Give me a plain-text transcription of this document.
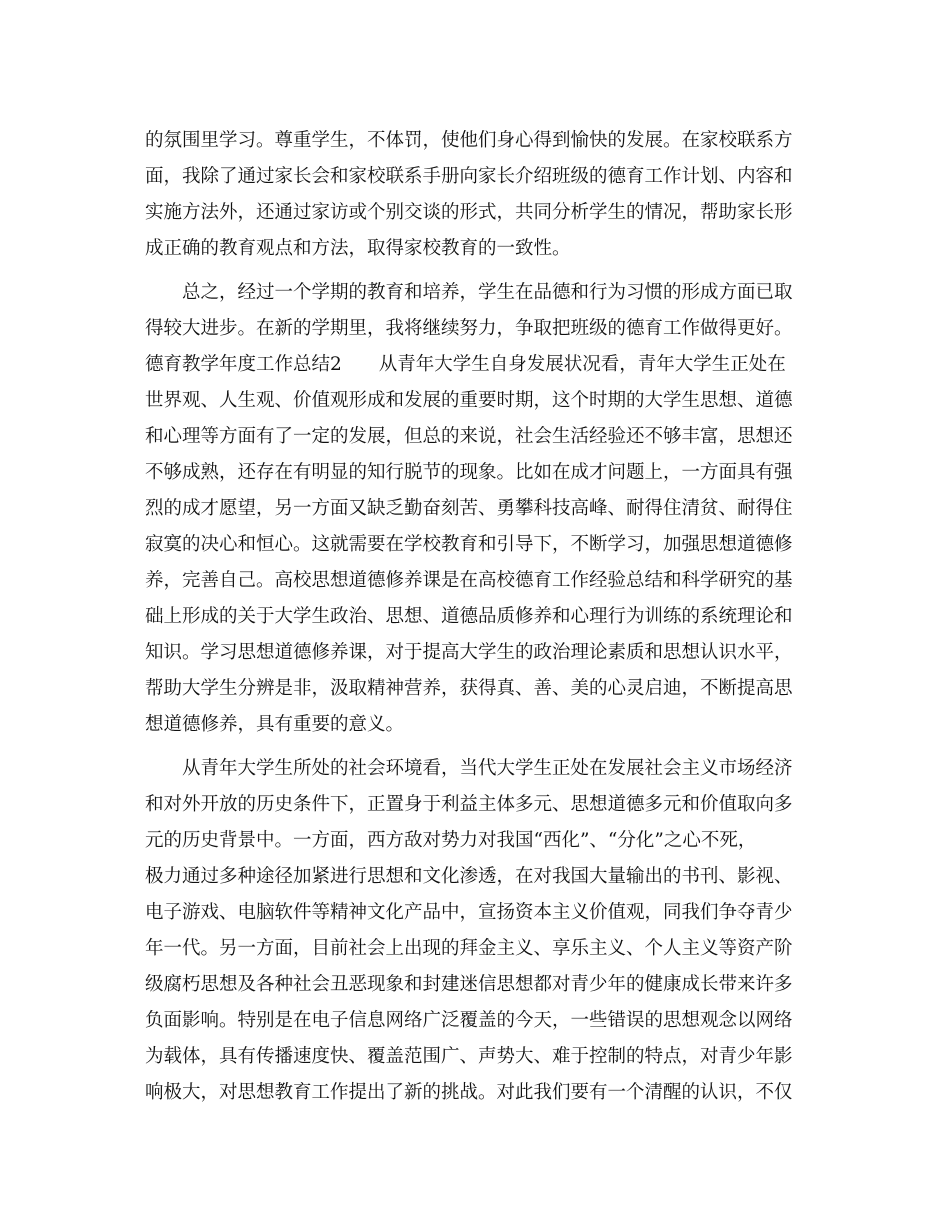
的氛围里学习。尊重学生，不体罚，使他们身心得到愉快的发展。在家校联系方
面，我除了通过家长会和家校联系手册向家长介绍班级的德育工作计划、内容和
实施方法外，还通过家访或个别交谈的形式，共同分析学生的情况，帮助家长形
成正确的教育观点和方法，取得家校教育的一致性。
总之，经过一个学期的教育和培养，学生在品德和行为习惯的形成方面已取
得较大进步。在新的学期里，我将继续努力，争取把班级的德育工作做得更好。
德育教学年度工作总结2　　从青年大学生自身发展状况看，青年大学生正处在
世界观、人生观、价值观形成和发展的重要时期，这个时期的大学生思想、道德
和心理等方面有了一定的发展，但总的来说，社会生活经验还不够丰富，思想还
不够成熟，还存在有明显的知行脱节的现象。比如在成才问题上，一方面具有强
烈的成才愿望，另一方面又缺乏勤奋刻苦、勇攀科技高峰、耐得住清贫、耐得住
寂寞的决心和恒心。这就需要在学校教育和引导下，不断学习，加强思想道德修
养，完善自己。高校思想道德修养课是在高校德育工作经验总结和科学研究的基
础上形成的关于大学生政治、思想、道德品质修养和心理行为训练的系统理论和
知识。学习思想道德修养课，对于提高大学生的政治理论素质和思想认识水平，
帮助大学生分辨是非，汲取精神营养，获得真、善、美的心灵启迪，不断提高思
想道德修养，具有重要的意义。
从青年大学生所处的社会环境看，当代大学生正处在发展社会主义市场经济
和对外开放的历史条件下，正置身于利益主体多元、思想道德多元和价值取向多
元的历史背景中。一方面，西方敌对势力对我国“西化”、“分化”之心不死，
极力通过多种途径加紧进行思想和文化渗透，在对我国大量输出的书刊、影视、
电子游戏、电脑软件等精神文化产品中，宣扬资本主义价值观，同我们争夺青少
年一代。另一方面，目前社会上出现的拜金主义、享乐主义、个人主义等资产阶
级腐朽思想及各种社会丑恶现象和封建迷信思想都对青少年的健康成长带来许多
负面影响。特别是在电子信息网络广泛覆盖的今天，一些错误的思想观念以网络
为载体，具有传播速度快、覆盖范围广、声势大、难于控制的特点，对青少年影
响极大，对思想教育工作提出了新的挑战。对此我们要有一个清醒的认识，不仅
